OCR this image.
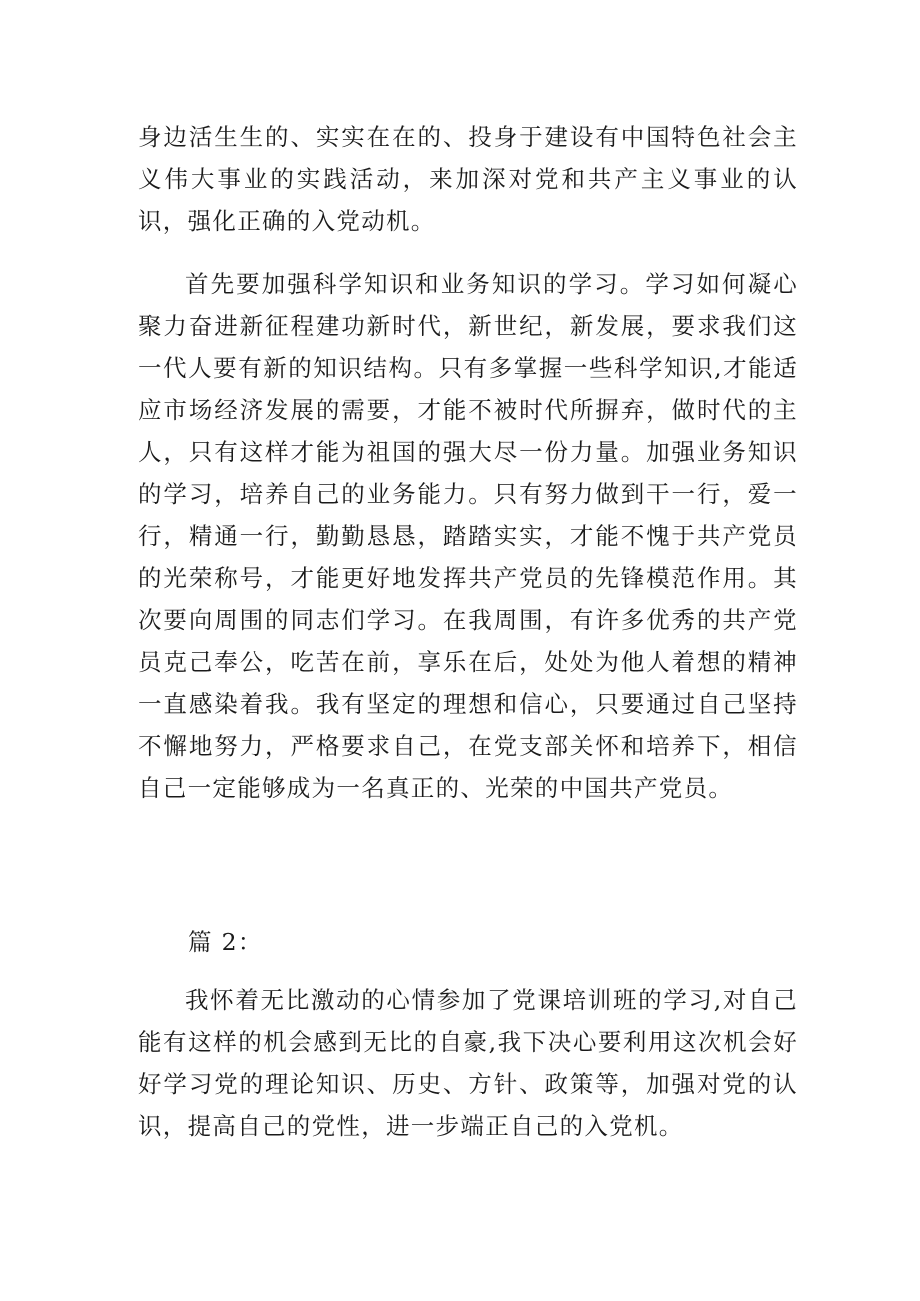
身边活生生的、实实在在的、投身于建设有中国特色社会主义伟大事业的实践活动，来加深对党和共产主义事业的认识，强化正确的入党动机。
首先要加强科学知识和业务知识的学习。学习如何凝心聚力奋进新征程建功新时代，新世纪，新发展，要求我们这一代人要有新的知识结构。只有多掌握一些科学知识,才能适应市场经济发展的需要，才能不被时代所摒弃，做时代的主人，只有这样才能为祖国的强大尽一份力量。加强业务知识的学习，培养自己的业务能力。只有努力做到干一行，爱一行，精通一行，勤勤恳恳，踏踏实实，才能不愧于共产党员的光荣称号，才能更好地发挥共产党员的先锋模范作用。其次要向周围的同志们学习。在我周围，有许多优秀的共产党员克己奉公，吃苦在前，享乐在后，处处为他人着想的精神一直感染着我。我有坚定的理想和信心，只要通过自己坚持不懈地努力，严格要求自己，在党支部关怀和培养下，相信自己一定能够成为一名真正的、光荣的中国共产党员。
篇 2：
我怀着无比激动的心情参加了党课培训班的学习,对自己能有这样的机会感到无比的自豪,我下决心要利用这次机会好好学习党的理论知识、历史、方针、政策等，加强对党的认识，提高自己的党性，进一步端正自己的入党机。
